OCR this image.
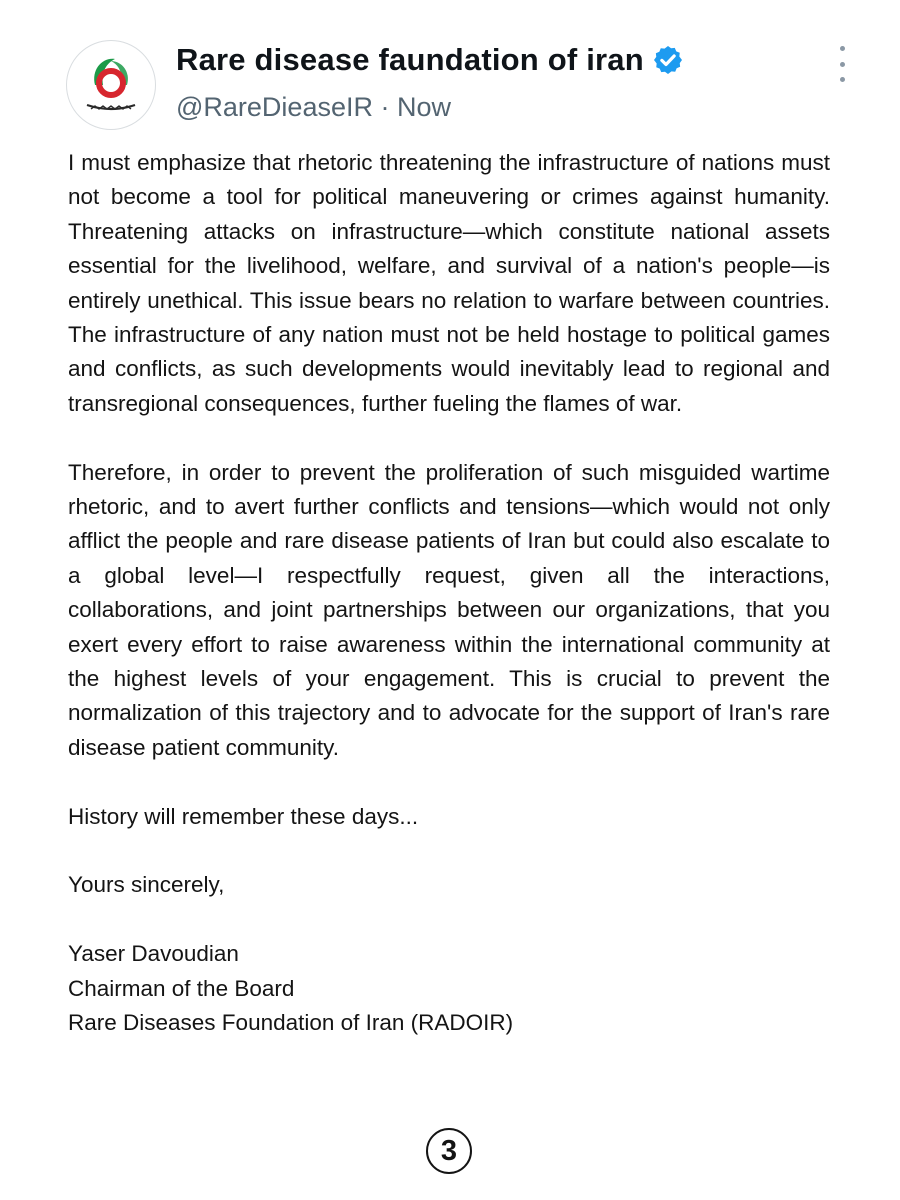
Rare disease faundation of iran
@RareDieaseIR · Now

I must emphasize that rhetoric threatening the infrastructure of nations must not become a tool for political maneuvering or crimes against humanity. Threatening attacks on infrastructure—which constitute national assets essential for the livelihood, welfare, and survival of a nation's people—is entirely unethical. This issue bears no relation to warfare between countries. The infrastructure of any nation must not be held hostage to political games and conflicts, as such developments would inevitably lead to regional and transregional consequences, further fueling the flames of war.

Therefore, in order to prevent the proliferation of such misguided wartime rhetoric, and to avert further conflicts and tensions—which would not only afflict the people and rare disease patients of Iran but could also escalate to a global level—I respectfully request, given all the interactions, collaborations, and joint partnerships between our organizations, that you exert every effort to raise awareness within the international community at the highest levels of your engagement. This is crucial to prevent the normalization of this trajectory and to advocate for the support of Iran's rare disease patient community.

History will remember these days...

Yours sincerely,

Yaser Davoudian

Chairman of the Board

Rare Diseases Foundation of Iran (RADOIR)

3
